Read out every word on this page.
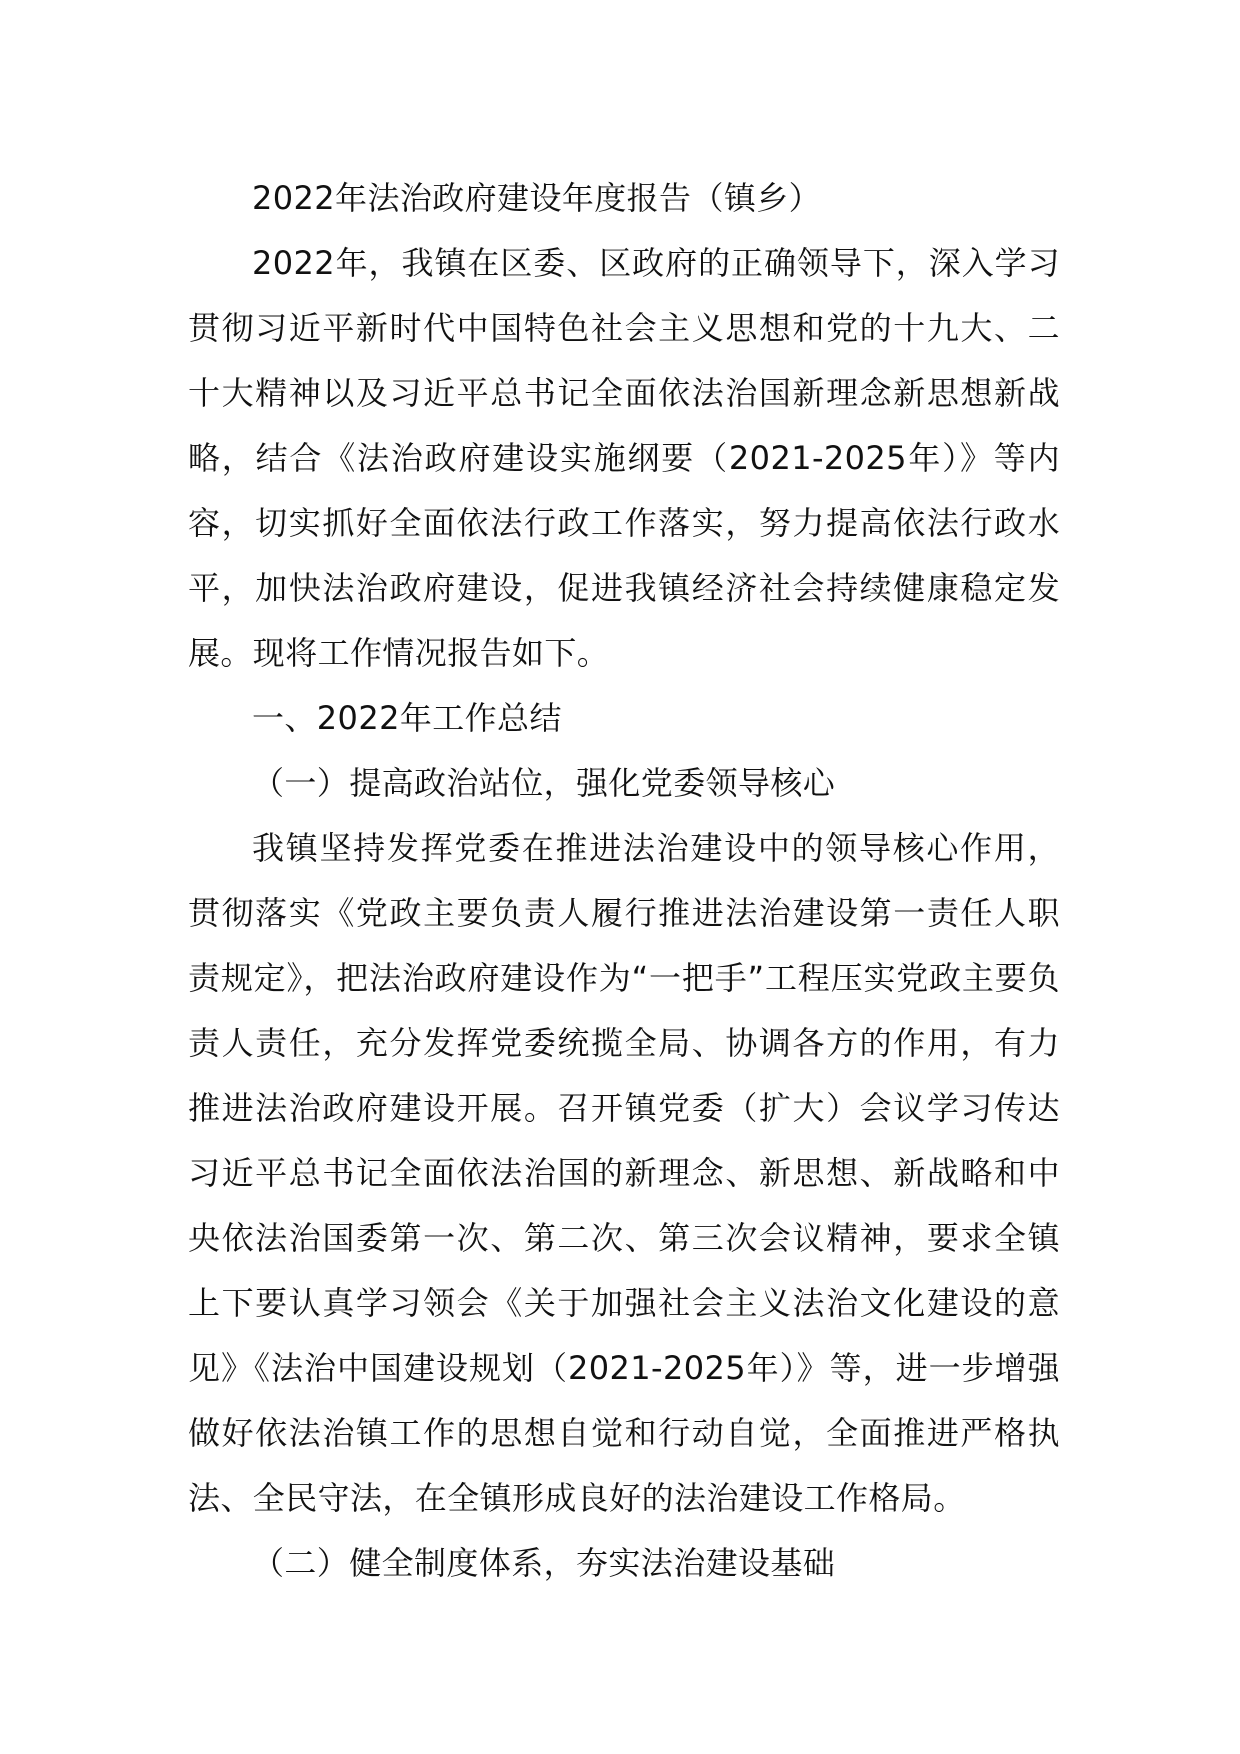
2022年法治政府建设年度报告（镇乡）

2022年，我镇在区委、区政府的正确领导下，深入学习贯彻习近平新时代中国特色社会主义思想和党的十九大、二十大精神以及习近平总书记全面依法治国新理念新思想新战略，结合《法治政府建设实施纲要（2021-2025年）》等内容，切实抓好全面依法行政工作落实，努力提高依法行政水平，加快法治政府建设，促进我镇经济社会持续健康稳定发展。现将工作情况报告如下。

一、2022年工作总结

（一）提高政治站位，强化党委领导核心

我镇坚持发挥党委在推进法治建设中的领导核心作用，贯彻落实《党政主要负责人履行推进法治建设第一责任人职责规定》，把法治政府建设作为“一把手”工程压实党政主要负责人责任，充分发挥党委统揽全局、协调各方的作用，有力推进法治政府建设开展。召开镇党委（扩大）会议学习传达习近平总书记全面依法治国的新理念、新思想、新战略和中央依法治国委第一次、第二次、第三次会议精神，要求全镇上下要认真学习领会《关于加强社会主义法治文化建设的意见》《法治中国建设规划（2021-2025年）》等，进一步增强做好依法治镇工作的思想自觉和行动自觉，全面推进严格执法、全民守法，在全镇形成良好的法治建设工作格局。

（二）健全制度体系，夯实法治建设基础
